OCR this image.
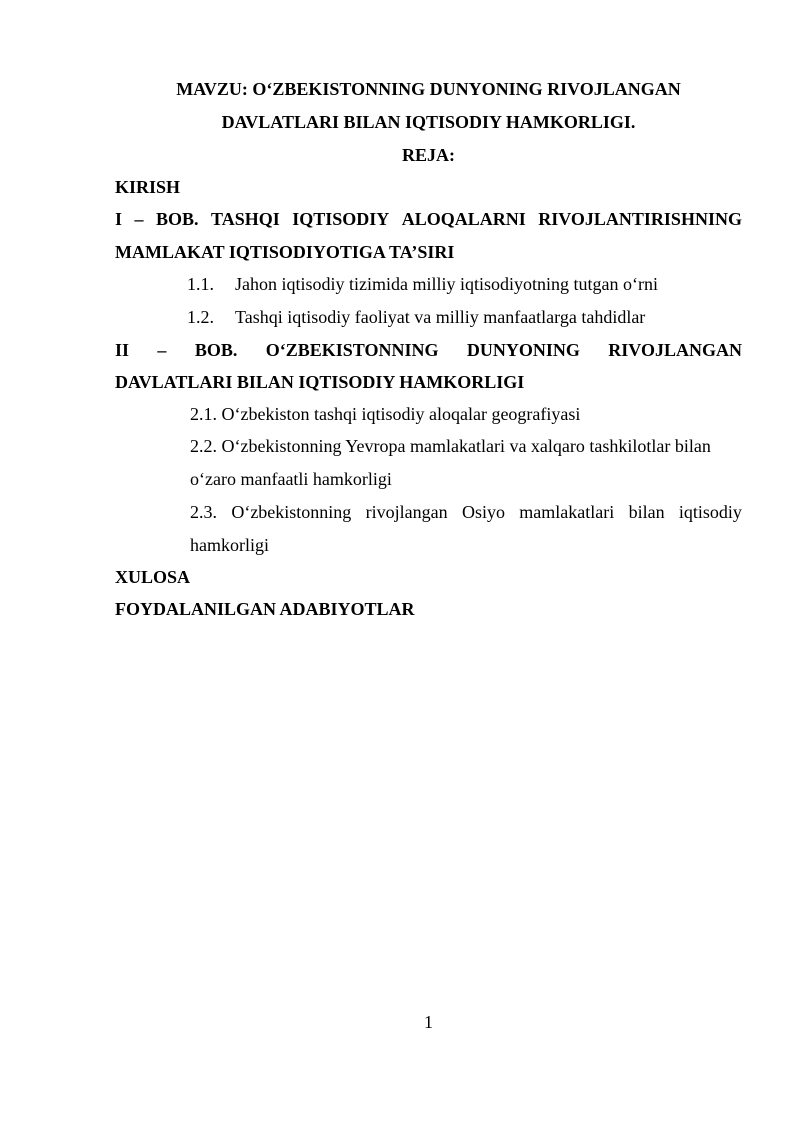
MAVZU: O‘ZBEKISTONNING DUNYONING RIVOJLANGAN
DAVLATLARI BILAN IQTISODIY HAMKORLIGI.
REJA:
KIRISH
I – BOB. TASHQI IQTISODIY ALOQALARNI RIVOJLANTIRISHNING
MAMLAKAT IQTISODIYOTIGA TA’SIRI
1.1. Jahon iqtisodiy tizimida milliy iqtisodiyotning tutgan o‘rni
1.2. Tashqi iqtisodiy faoliyat va milliy manfaatlarga tahdidlar
II – BOB. O‘ZBEKISTONNING DUNYONING RIVOJLANGAN
DAVLATLARI BILAN IQTISODIY HAMKORLIGI
2.1. O‘zbekiston tashqi iqtisodiy aloqalar geografiyasi
2.2. O‘zbekistonning Yevropa mamlakatlari va xalqaro tashkilotlar bilan
o‘zaro manfaatli hamkorligi
2.3. O‘zbekistonning rivojlangan Osiyo mamlakatlari bilan iqtisodiy
hamkorligi
XULOSA
FOYDALANILGAN ADABIYOTLAR
1
